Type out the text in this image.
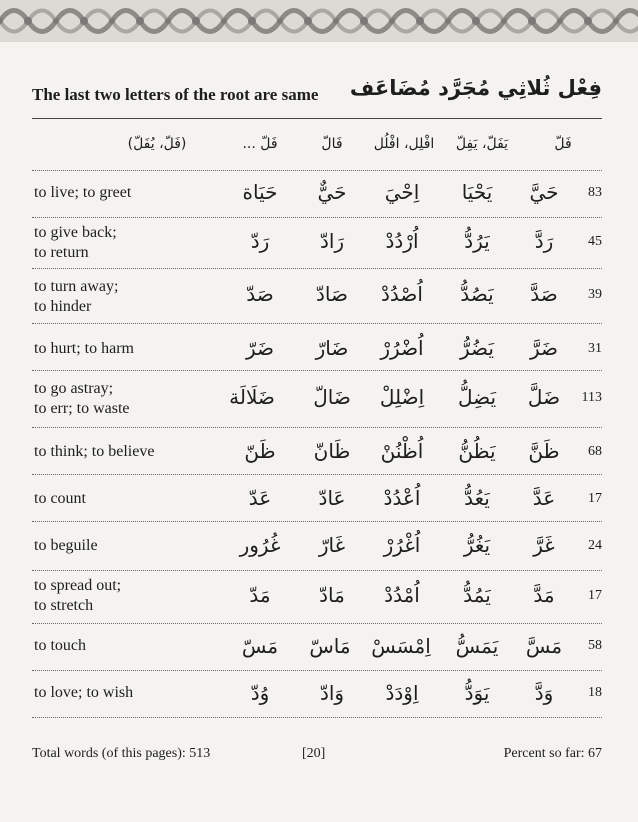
The last two letters of the root are same فِعْل ثُلاثِي مُجَرَّد مُضَاعَف
(فَلّ، يُفَلّ)	فَلّ ...	فَالّ	افْلِل، افْلُل	يَفَلّ، يَفِلّ	فَلّ
to live; to greet	حَيَاة	حَيٌّ	اِحْيَ	يَحْيَا	حَيَّ	83
to give back;
to return	رَدّ	رَادّ	اُرْدُدْ	يَرُدُّ	رَدَّ	45
to turn away;
to hinder
صَدّ	صَادّ	اُصْدُدْ	يَصُدُّ	صَدَّ	39
to hurt; to harm	ضَرّ	ضَارّ	اُضْرُرْ	يَضُرُّ	ضَرَّ	31
to go astray;
to err; to waste	ضَلَالَة	ضَالّ	اِضْلِلْ	يَضِلُّ	ضَلَّ	113
to think; to believe	ظَنّ	ظَانّ	اُظْنُنْ	يَظُنُّ	ظَنَّ	68
to count	عَدّ	عَادّ	اُعْدُدْ	يَعُدُّ	عَدَّ	17
to beguile	غُرُور	غَارّ	اُغْرُرْ	يَغُرُّ	غَرَّ	24
to spread out;
to stretch	مَدّ	مَادّ	اُمْدُدْ	يَمُدُّ	مَدَّ	17
to touch	مَسّ	مَاسّ	اِمْسَسْ	يَمَسُّ	مَسَّ	58
to love; to wish	وُدّ	وَادّ	اِوْدَدْ	يَوَدُّ	وَدَّ	18
Total words (of this pages): 513	[20]	Percent so far: 67
